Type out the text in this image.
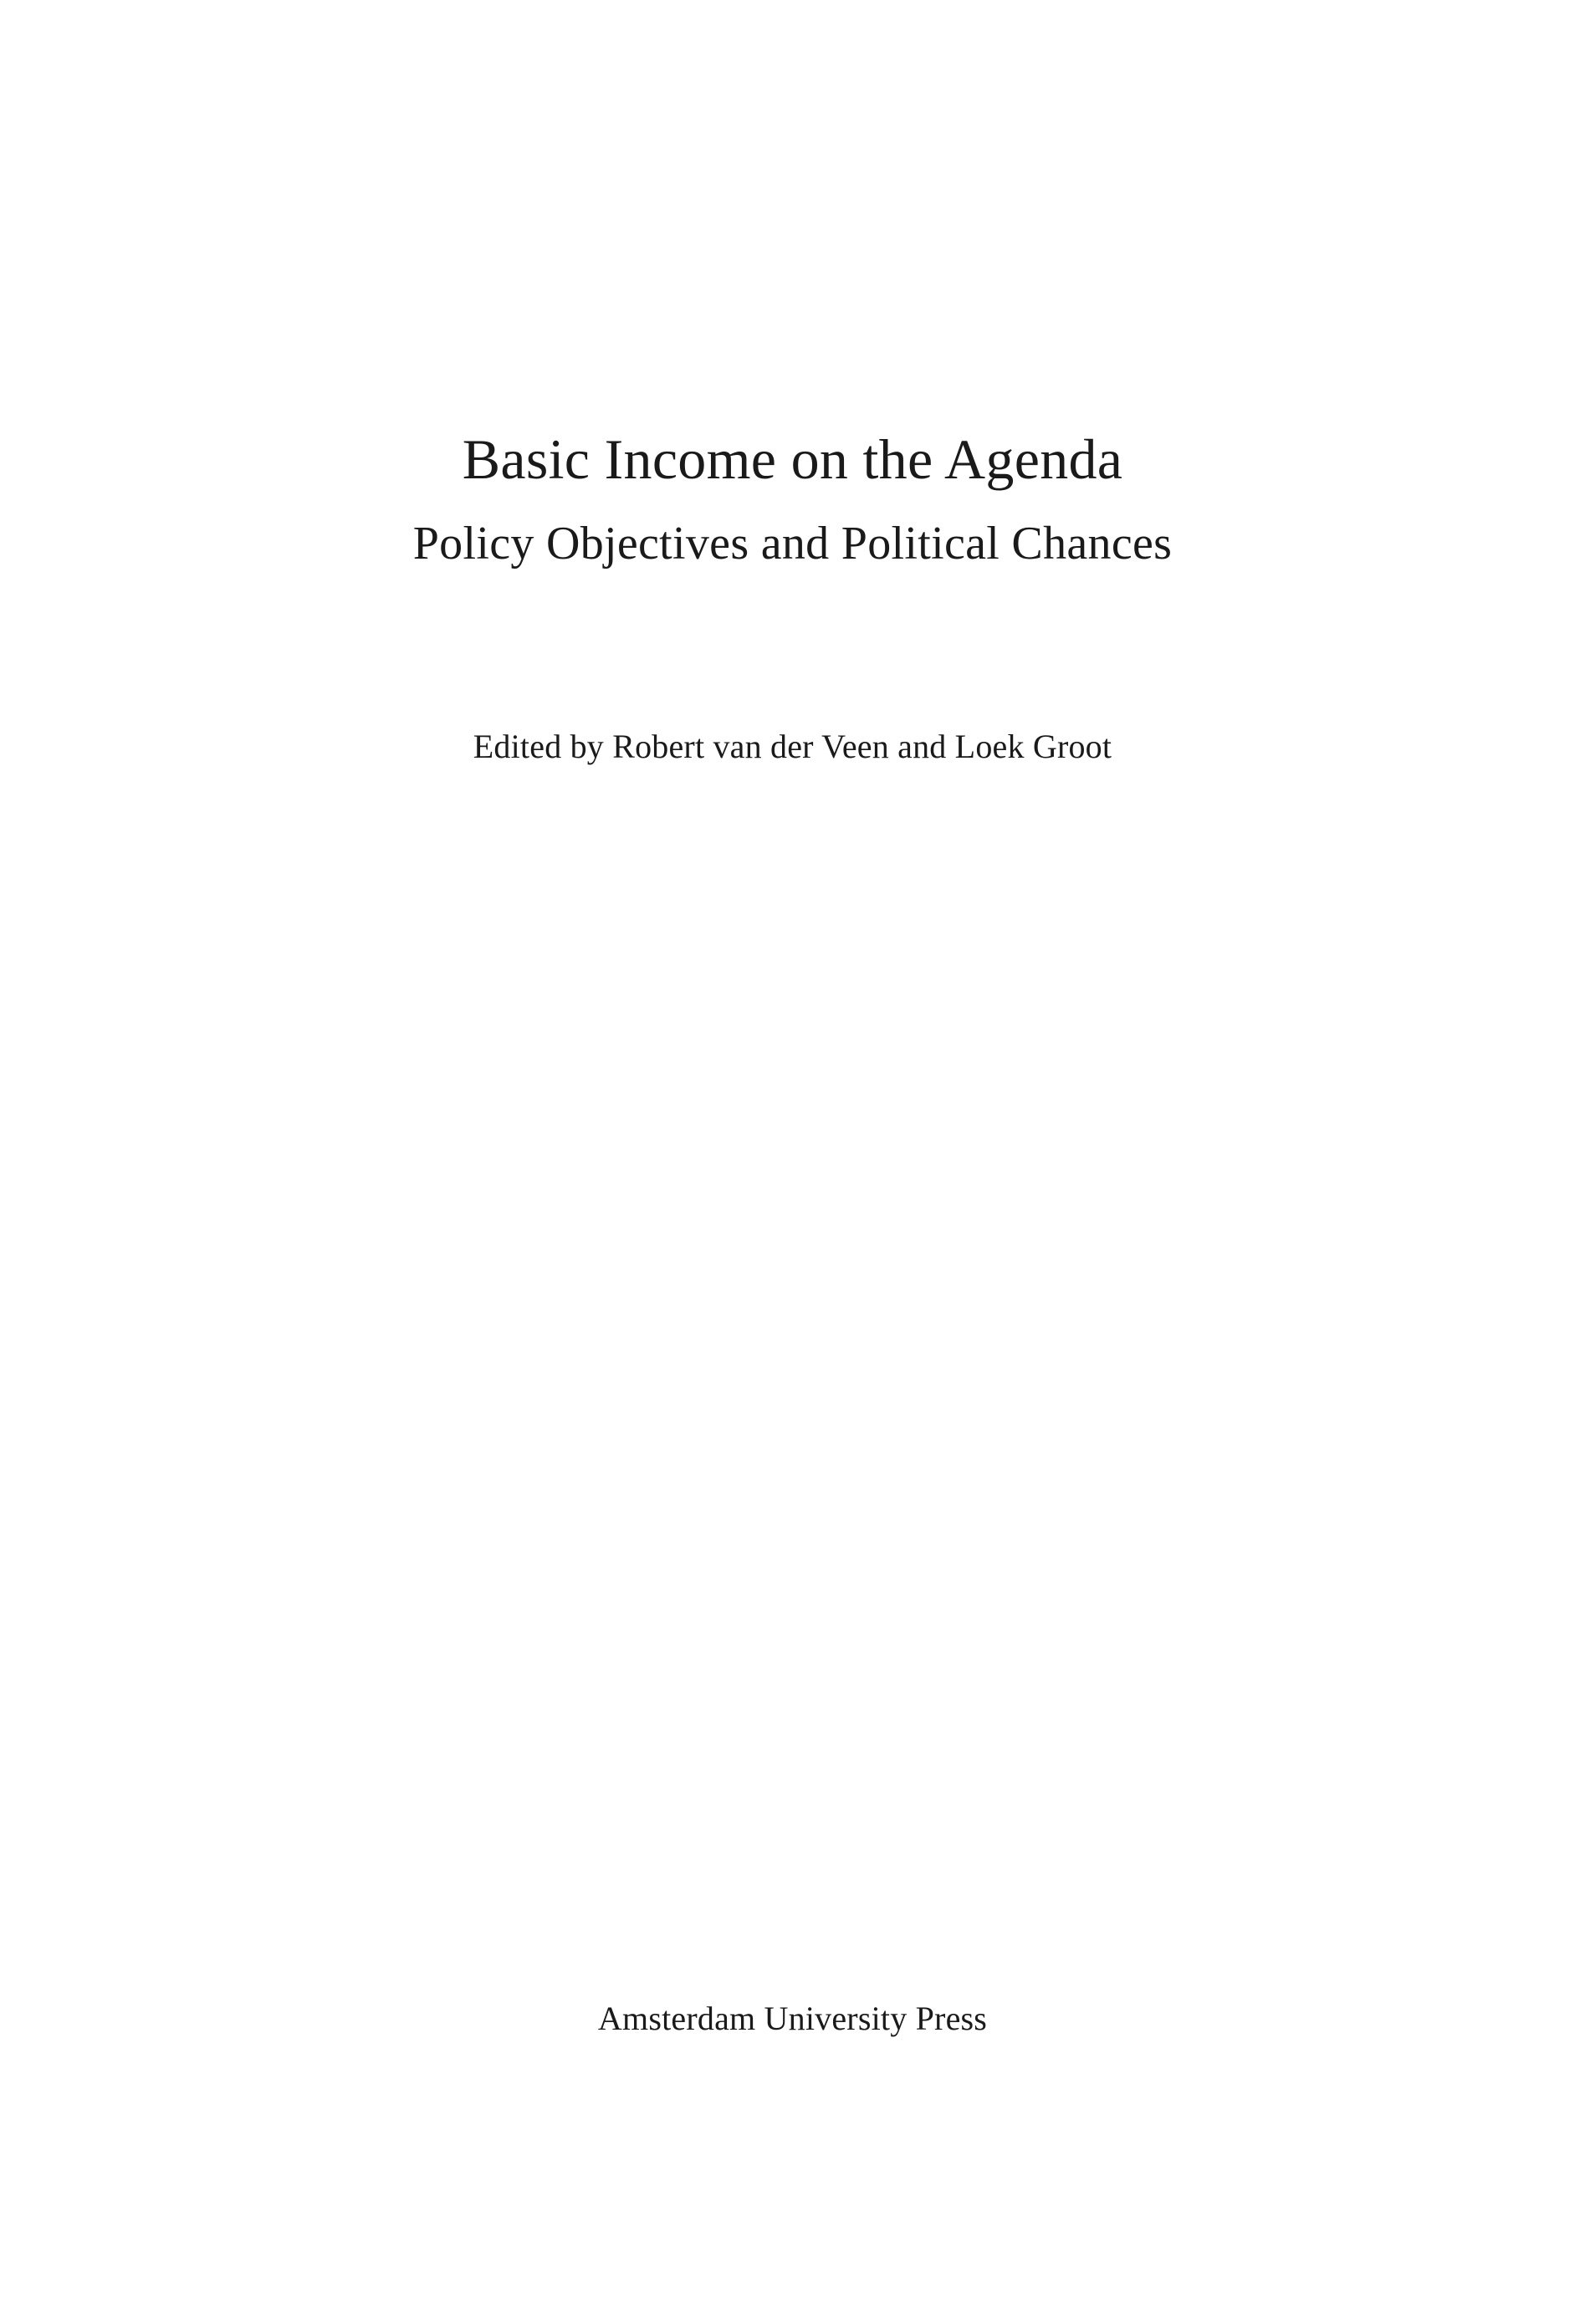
Basic Income on the Agenda
Policy Objectives and Political Chances
Edited by Robert van der Veen and Loek Groot
Amsterdam University Press
